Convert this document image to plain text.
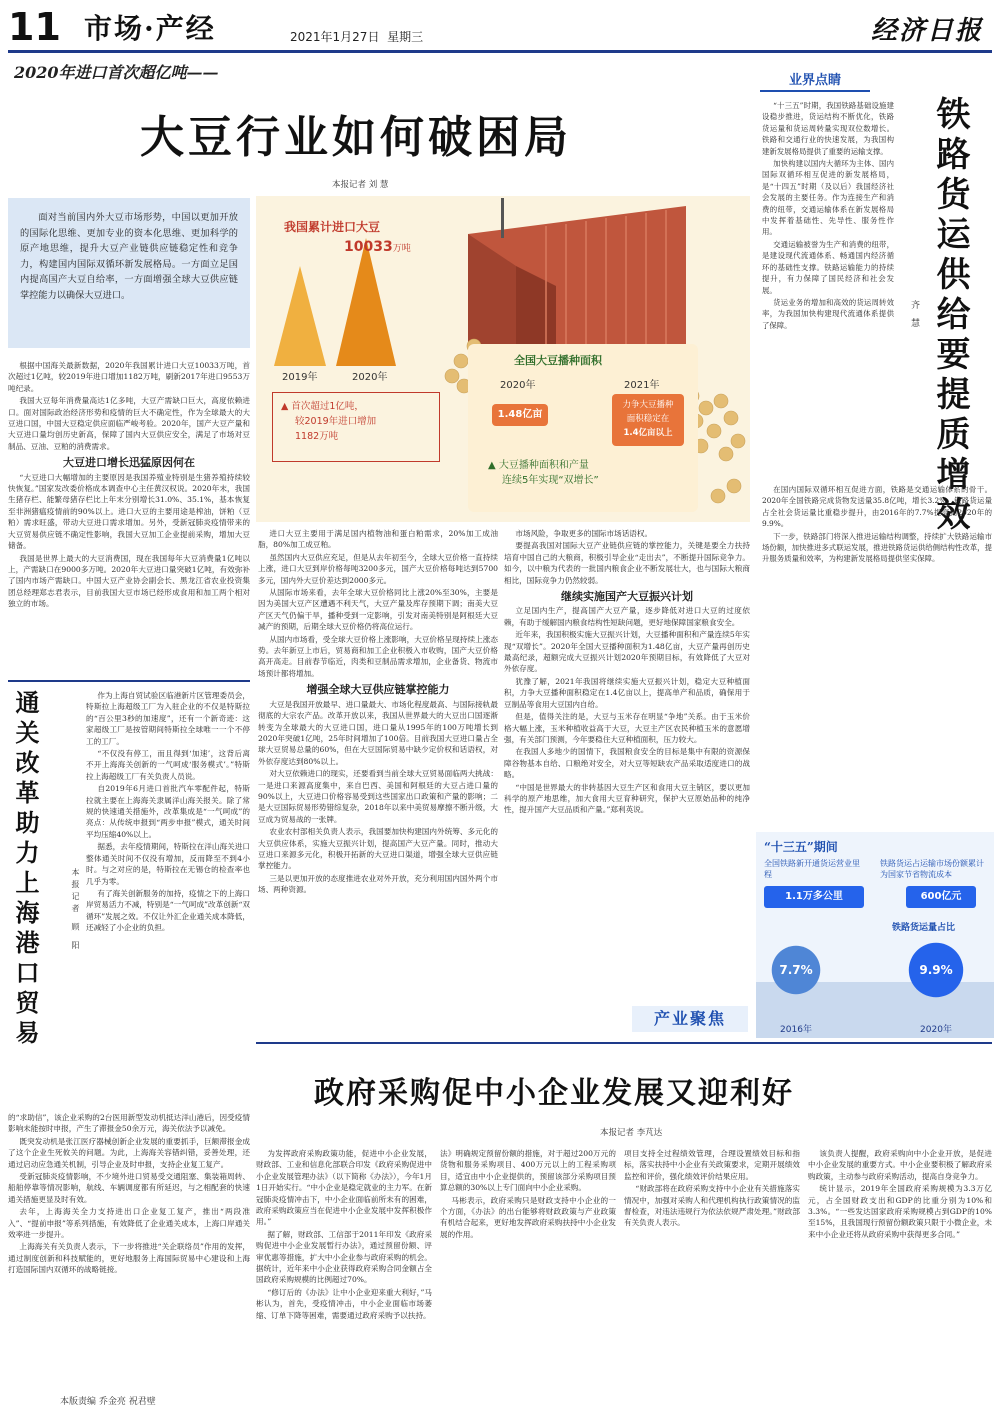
11 市场·产经	2021年1月27日 星期三	经济日报
2020年进口首次超亿吨——
大豆行业如何破困局
本报记者 刘 慧
面对当前国内外大豆市场形势，中国以更加开放的国际化思维、更加专业的资本化思维、更加科学的原产地思维，提升大豆产业链供应链稳定性和竞争力，构建国内国际双循环新发展格局。一方面立足国内提高国产大豆自给率，一方面增强全球大豆供应链掌控能力以确保大豆进口。
我国累计进口大豆
10033万吨
2019年	2020年
▲ 首次超过1亿吨，
较2019年进口增加
1182万吨
全国大豆播种面积
2020年	2021年
1.48亿亩
力争大豆播种
面积稳定在
1.4亿亩以上
▲ 大豆播种面积和产量
连续5年实现“双增长”

根据中国海关最新数据，2020年我国累计进口大豆10033万吨，首次超过1亿吨，较2019年进口增加1182万吨，刷新2017年进口9553万吨纪录。

我国大豆每年消费量高达1亿多吨，大豆产需缺口巨大，高度依赖进口。面对国际政治经济形势和疫情的巨大不确定性，作为全球最大的大豆进口国，中国大豆稳定供应面临严峻考验。2020年，国产大豆产量和大豆进口量均创历史新高，保障了国内大豆供应安全，满足了市场对豆制品、豆油、豆粕的消费需求。

大豆进口增长迅猛原因何在

“大豆进口大幅增加的主要原因是我国养殖业特别是生猪养殖持续较快恢复。”国家发改委价格成本调查中心主任黄汉权说。2020年末，我国生猪存栏、能繁母猪存栏比上年末分别增长31.0%、35.1%，基本恢复至非洲猪瘟疫情前的90%以上。进口大豆的主要用途是榨油，饼粕（豆粕）需求旺盛，带动大豆进口需求增加。另外，受新冠肺炎疫情带来的大豆贸易供应链不确定性影响，我国大豆加工企业提前采购，增加大豆储备。

我国是世界上最大的大豆消费国，现在我国每年大豆消费量1亿吨以上，产需缺口在9000多万吨。2020年大豆进口量突破1亿吨，有效弥补了国内市场产需缺口。中国大豆产业协会副会长、黑龙江省农业投资集团总经理郑志君表示，目前我国大豆市场已经形成食用和加工两个相对独立的市场。

进口大豆主要用于满足国内植物油和蛋白粕需求，20%加工成油脂，80%加工成豆粕。

虽然国内大豆供应充足，但是从去年初至今，全球大豆价格一直持续上涨，进口大豆到岸价格每吨3200多元，国产大豆价格每吨达到5700多元，国内外大豆价差达到2000多元。

从国际市场来看，去年全球大豆价格同比上涨20%至30%，主要是因为美国大豆产区遭遇不利天气，大豆产量及库存预期下调；南美大豆产区天气仍偏干旱，播种受到一定影响，引发对南美特别是阿根廷大豆减产的预期，后期全球大豆价格仍将高位运行。

从国内市场看，受全球大豆价格上涨影响，大豆价格呈现持续上涨态势。去年新豆上市后，贸易商和加工企业积极入市收购，国产大豆价格高开高走。目前春节临近，肉类和豆制品需求增加，企业备货、物流市场预计都将增加。

增强全球大豆供应链掌控能力

大豆是我国开放最早、进口量最大、市场化程度最高、与国际接轨最彻底的大宗农产品。改革开放以来，我国从世界最大的大豆出口国逐渐转变为全球最大的大豆进口国，进口量从1995年的100万吨增长到2020年突破1亿吨，25年时间增加了100倍。目前我国大豆进口量占全球大豆贸易总量的60%，但在大豆国际贸易中缺少定价权和话语权，对外依存度达到80%以上。

对大豆依赖进口的现实，还要看到当前全球大豆贸易面临两大挑战：一是进口来源高度集中，来自巴西、美国和阿根廷的大豆占进口量的90%以上，大豆进口价格容易受到这些国家出口政策和产量的影响；二是大豆国际贸易形势错综复杂，2018年以来中美贸易摩擦不断升级，大豆成为贸易战的一张牌。

农业农村部相关负责人表示，我国要加快构建国内外统筹、多元化的大豆供应体系，实施大豆振兴计划，提高国产大豆产量。同时，推动大豆进口来源多元化，积极开拓新的大豆进口渠道，增强全球大豆供应链掌控能力。

三是以更加开放的态度推进农业对外开放，充分利用国内国外两个市场、两种资源。

市场风险，争取更多的国际市场话语权。

要提高我国对国际大豆产业链供应链的掌控能力，关键是要全力扶持培育中国自己的大粮商，积极引导企业“走出去”，不断提升国际竞争力。如今，以中粮为代表的一批国内粮食企业不断发展壮大，也与国际大粮商相比，国际竞争力仍然较弱。

继续实施国产大豆振兴计划

立足国内生产，提高国产大豆产量，逐步降低对进口大豆的过度依赖，有助于缓解国内粮食结构性短缺问题，更好地保障国家粮食安全。

近年来，我国积极实施大豆振兴计划，大豆播种面积和产量连续5年实现“双增长”。2020年全国大豆播种面积为1.48亿亩，大豆产量再创历史最高纪录，超额完成大豆振兴计划2020年预期目标，有效降低了大豆对外依存度。

犹豫了解，2021年我国将继续实施大豆振兴计划，稳定大豆种植面积，力争大豆播种面积稳定在1.4亿亩以上，提高单产和品质，确保用于豆制品等食用大豆国内自给。

但是，值得关注的是，大豆与玉米存在明显“争地”关系。由于玉米价格大幅上涨，玉米种植收益高于大豆，大豆主产区农民种植玉米的意愿增强，有关部门预测，今年要稳住大豆种植面积，压力较大。

在我国人多地少的国情下，我国粮食安全的目标是集中有限的资源保障谷物基本自给、口粮绝对安全，对大豆等短缺农产品采取适度进口的战略。

“中国是世界最大的非转基因大豆生产区和食用大豆主销区，要以更加科学的原产地思维，加大食用大豆育种研究，保护大豆原始品种的纯净性，提升国产大豆品质和产量。”郑利英说。

产业聚焦
通关改革助力上海港口贸易	本报记者 顾 阳

作为上海自贸试验区临港新片区管理委员会，特斯拉上海超级工厂为入驻企业的不仅是特斯拉的“百公里3秒的加速度”，还有一个新奇迹：这家超级工厂是按管期间特斯拉全球唯一一个不停工的工厂。

“不仅没有停工，而且得到‘加速’，这背后离不开上海海关创新的一气呵成‘服务模式’。”特斯拉上海超级工厂有关负责人员说。

自2019年6月进口首批汽车零配件起，特斯拉就主要在上海海关隶属洋山海关报关。除了常规的快速通关措施外，改革集成是“一气呵成”的亮点：从传统申报到“两步申报”模式，通关时间平均压缩40%以上。

据悉，去年疫情期间，特斯拉在洋山海关进口整体通关时间不仅没有增加，反而降至不到4小时。与之对应的是，特斯拉在无锡仓的检查率也几乎为零。

有了海关创新服务的加持，疫情之下的上海口岸贸易活力不减，特别是“一气呵成”改革创新“双循环”发展之效。不仅让外汇企业通关成本降低，还减轻了小企业的负担。

的“求助信”，该企业采购的2台医用新型发动机抵达洋山港后，因受疫情影响未能按时申报，产生了滞报金50余万元，海关依法予以减免。

既突发动机是张江医疗器械创新企业发展的重要抓手，巨额滞报金成了这个企业生死攸关的问题。为此，上海海关容错纠错，妥善处理，还通过启动应急通关机制，引导企业及时申报，支持企业复工复产。

受新冠肺炎疫情影响，不少境外进口贸易受交通阻塞、集装箱周转、船舶停靠等情况影响，航线、车辆调度都有所延迟，与之相配套的快速通关措施更显及时有效。

去年，上海海关全力支持进出口企业复工复产，推出“两段准入”、“提前申报”等系列措施，有效降低了企业通关成本，上海口岸通关效率进一步提升。

上海海关有关负责人表示，下一步将推进“关企联络员”作用的发挥，通过制度创新和科技赋能的，更好地服务上海国际贸易中心建设和上海打造国际国内双循环的战略链接。

业界点睛
铁路货运供给要提质增效
齐 慧

“十三五”时期，我国铁路基础设施建设稳步推进，货运结构不断优化，铁路货运量和货运周转量实现双位数增长。铁路和交通行业的快速发展，为我国构建新发展格局提供了重要的运输支撑。

加快构建以国内大循环为主体、国内国际双循环相互促进的新发展格局，是“十四五”时期（及以后）我国经济社会发展的主要任务。作为连接生产和消费的纽带，交通运输体系在新发展格局中发挥着基础性、先导性、服务性作用。

交通运输被誉为生产和消费的纽带，是建设现代流通体系、畅通国内经济循环的基础性支撑。铁路运输能力的持续提升，有力保障了国民经济和社会发展。

货运业务的增加和高效的货运周转效率，为我国加快构建现代流通体系提供了保障。

在国内国际双循环相互促进方面，铁路是交通运输体系的骨干。2020年全国铁路完成货物发送量35.8亿吨，增长3.2%，铁路货运量占全社会货运量比重稳步提升，由2016年的7.7%提高到2020年的9.9%。

下一步，铁路部门将深入推进运输结构调整，持续扩大铁路运输市场份额，加快推进多式联运发展，推进铁路货运供给侧结构性改革，提升服务质量和效率，为构建新发展格局提供坚实保障。

“十三五”期间
全国铁路新开通货运营业里程
1.1万多公里
铁路货运占运输市场份额累计为国家节省物流成本
600亿元
铁路货运量占比
7.7%
2016年
9.9%
2020年
政府采购促中小企业发展又迎利好
本报记者 李芃达

为发挥政府采购政策功能，促进中小企业发展，财政部、工业和信息化部联合印发《政府采购促进中小企业发展管理办法》（以下简称《办法》），今年1月1日开始实行。“中小企业是稳定就业的主力军。在新冠肺炎疫情冲击下，中小企业面临前所未有的困难，政府采购政策应当在促进中小企业发展中发挥积极作用。”

据了解，财政部、工信部于2011年印发《政府采购促进中小企业发展暂行办法》，通过预留份额、评审优惠等措施，扩大中小企业参与政府采购的机会。据统计，近年来中小企业获得政府采购合同金额占全国政府采购规模的比例超过70%。

“修订后的《办法》让中小企业迎来重大利好，”马彬认为，首先，受疫情冲击，中小企业面临市场萎缩、订单下降等困难，需要通过政府采购予以扶持。

法》明确规定预留份额的措施，对于超过200万元的货物和服务采购项目、400万元以上的工程采购项目，适宜由中小企业提供的，预留该部分采购项目预算总额的30%以上专门面向中小企业采购。

马彬表示，政府采购只是财政支持中小企业的一个方面，《办法》的出台能够将财政政策与产业政策有机结合起来，更好地发挥政府采购扶持中小企业发展的作用。

项目支持全过程绩效管理，合理设置绩效目标和指标，落实扶持中小企业有关政策要求，定期开展绩效监控和评价，强化绩效评价结果应用。

“财政部将在政府采购支持中小企业有关措施落实情况中，加强对采购人和代理机构执行政策情况的监督检查，对违法违规行为依法依规严肃处理。”财政部有关负责人表示。

该负责人提醒，政府采购向中小企业开放，是促进中小企业发展的重要方式。中小企业要积极了解政府采购政策，主动参与政府采购活动，提高自身竞争力。

统计显示，2019年全国政府采购规模为3.3万亿元，占全国财政支出和GDP的比重分别为10%和3.3%。“一些发达国家政府采购规模占到GDP的10%至15%，且我国现行预留份额政策只限于小微企业，未来中小企业还将从政府采购中获得更多合同。”

本版责编 乔金亮 祝君壁
